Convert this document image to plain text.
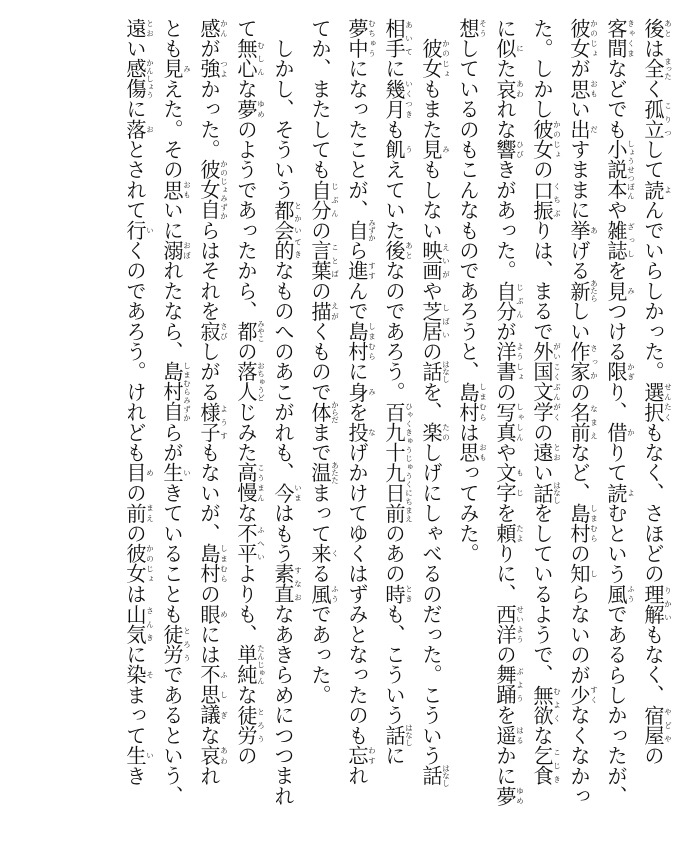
後あとは全まったく孤立こりつして読よんでいらしかった。選択せんたくもなく、さほどの理解りかいもなく、宿屋やどやの
客間きゃくまなどでも小説本しょうせつぼんや雑誌ざっしを見みつける限かぎり、借かりて読よむという風ふうであるらしかったが、
彼女かのじょが思おもい出だすままに挙あげる新あたらしい作家さっかの名前なまえなど、島村しまむらの知しらないのが少すくなくなかっ
た。しかし彼女かのじょの口振くちぶりは、まるで外国文学がいこくぶんがくの遠とおい話はなしをしているようで、無欲むよくな乞食こじき
に似にた哀あわれな響ひびきがあった。自分じぶんが洋書ようしょの写真しゃしんや文字もじを頼たよりに、西洋せいようの舞踊ぶようを遥はるかに夢ゆめ
想そうしているのもこんなものであろうと、島村しまむらは思おもってみた。
　彼女かのじょもまた見みもしない映画えいがや芝居しばいの話はなしを、楽たのしげにしゃべるのだった。こういう話はなし
相手あいてに幾月いくつきも飢うえていた後あとなのであろう。百九十九日前ひゃくきゅうじゅうくにちまえのあの時ときも、こういう話はなしに
夢中むちゅうになったことが、自みずから進すすんで島村しまむらに身みを投なげかけてゆくはずみとなったのも忘わすれ
てか、またしても自分じぶんの言葉ことばの描えがくもので体からだまで温あたたまって来くる風ふうであった。
　しかし、そういう都会的とかいてきなものへのあこがれも、今いまはもう素直すなおなあきらめにつつまれ
て無心むしんな夢ゆめのようであったから、都みやこの落人おちゅうどじみた高慢こうまんな不平ふへいよりも、単純たんじゅんな徒労とろうの
感かんが強つよかった。彼女自かのじょみずからはそれを寂さびしがる様子ようすもないが、島村しまむらの眼めには不思議ふしぎな哀あわれ
とも見みえた。その思おもいに溺おぼれたなら、島村自しまむらみずからが生いきていることも徒労とろうであるという、
遠とおい感傷かんしょうに落おとされて行いくのであろう。けれども目めの前まえの彼女かのじょは山気さんきに染そまって生いき
